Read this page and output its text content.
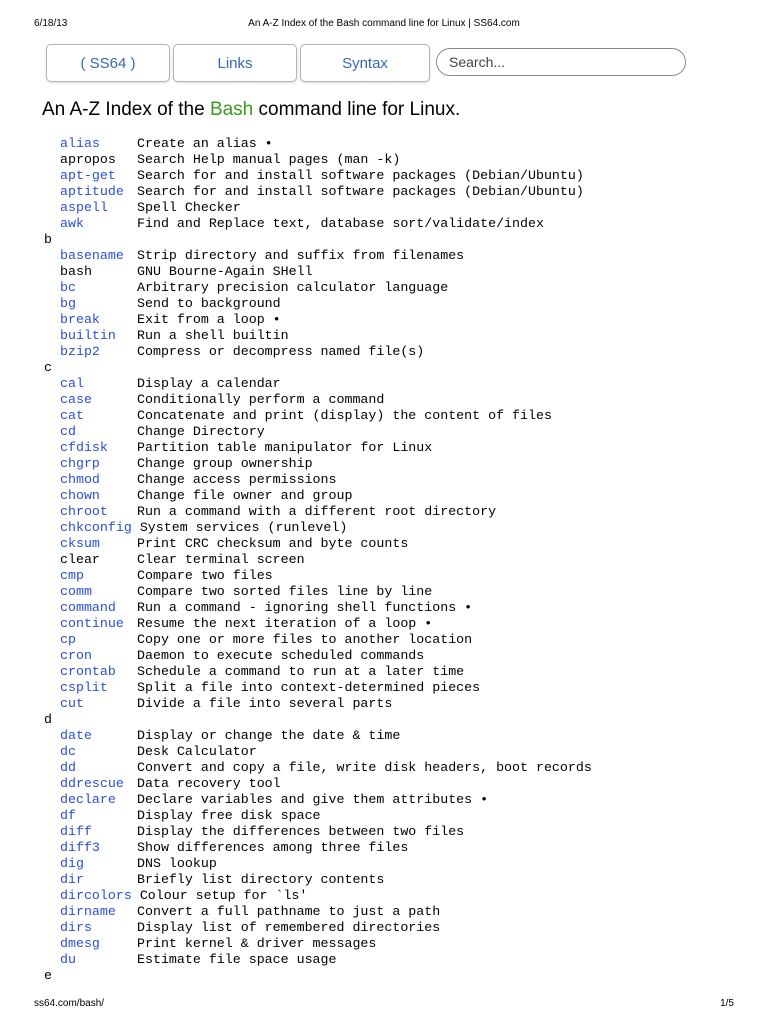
6/18/13	An A-Z Index of the Bash command line for Linux | SS64.com
( SS64 )	Links	Syntax
Search...
An A-Z Index of the Bash command line for Linux.
alias	Create an alias •
apropos Search Help manual pages (man -k)
apt-get Search for and install software packages (Debian/Ubuntu)
aptitude Search for and install software packages (Debian/Ubuntu)
aspell Spell Checker
awk	Find and Replace text, database sort/validate/index
b
basename Strip directory and suffix from filenames
bash	GNU Bourne-Again SHell
bc	Arbitrary precision calculator language
bg	Send to background
break	Exit from a loop •
builtin Run a shell builtin
bzip2	Compress or decompress named file(s)
c
cal	Display a calendar
case	Conditionally perform a command
cat	Concatenate and print (display) the content of files
cd	Change Directory
cfdisk Partition table manipulator for Linux
chgrp	Change group ownership
chmod	Change access permissions
chown	Change file owner and group
chroot Run a command with a different root directory
chkconfig System services (runlevel)
cksum	Print CRC checksum and byte counts
clear	Clear terminal screen
cmp	Compare two files
comm	Compare two sorted files line by line
command Run a command - ignoring shell functions •
continue Resume the next iteration of a loop •
cp	Copy one or more files to another location
cron	Daemon to execute scheduled commands
crontab Schedule a command to run at a later time
csplit Split a file into context-determined pieces
cut	Divide a file into several parts
d
date	Display or change the date & time
dc	Desk Calculator
dd	Convert and copy a file, write disk headers, boot records
ddrescue Data recovery tool
declare Declare variables and give them attributes •
df	Display free disk space
diff	Display the differences between two files
diff3	Show differences among three files
dig	DNS lookup
dir	Briefly list directory contents
dircolors Colour setup for `ls'
dirname Convert a full pathname to just a path
dirs	Display list of remembered directories
dmesg	Print kernel & driver messages
du	Estimate file space usage
e
ss64.com/bash/	1/5
